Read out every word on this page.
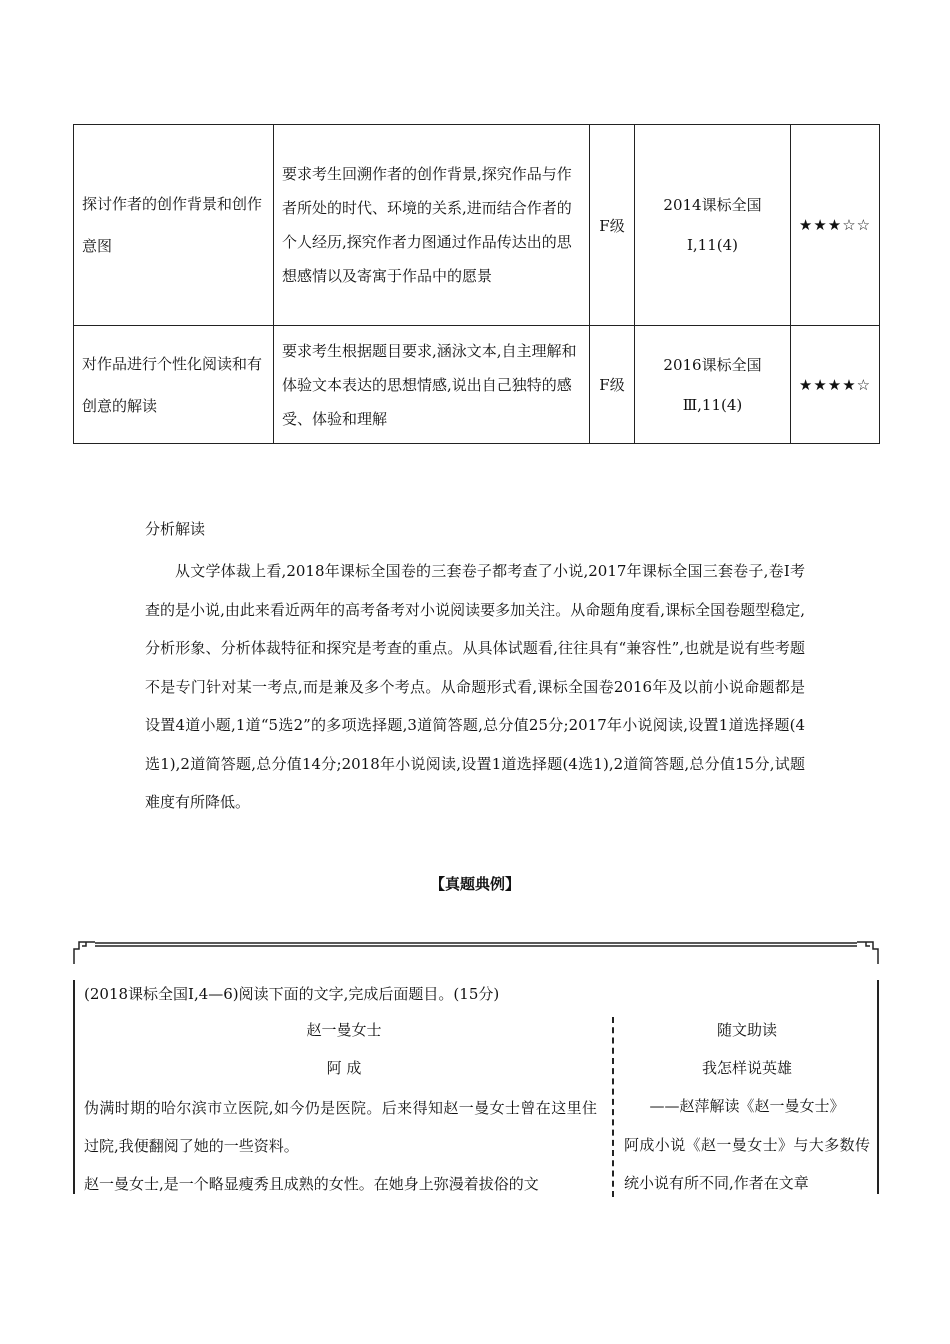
探讨作者的创作背景和创作意图	要求考生回溯作者的创作背景,探究作品与作者所处的时代、环境的关系,进而结合作者的个人经历,探究作者力图通过作品传达出的思想感情以及寄寓于作品中的愿景	F级	2014课标全国Ⅰ,11(4)	★★★☆☆
对作品进行个性化阅读和有创意的解读	要求考生根据题目要求,涵泳文本,自主理解和体验文本表达的思想情感,说出自己独特的感受、体验和理解	F级	2016课标全国Ⅲ,11(4)	★★★★☆
分析解读
从文学体裁上看,2018年课标全国卷的三套卷子都考查了小说,2017年课标全国三套卷子,卷Ⅰ考查的是小说,由此来看近两年的高考备考对小说阅读要多加关注。从命题角度看,课标全国卷题型稳定,分析形象、分析体裁特征和探究是考查的重点。从具体试题看,往往具有“兼容性”,也就是说有些考题不是专门针对某一考点,而是兼及多个考点。从命题形式看,课标全国卷2016年及以前小说命题都是设置4道小题,1道“5选2”的多项选择题,3道简答题,总分值25分;2017年小说阅读,设置1道选择题(4选1),2道简答题,总分值14分;2018年小说阅读,设置1道选择题(4选1),2道简答题,总分值15分,试题难度有所降低。
【真题典例】
(2018课标全国Ⅰ,4—6)阅读下面的文字,完成后面题目。(15分)
赵一曼女士
阿 成

伪满时期的哈尔滨市立医院,如今仍是医院。后来得知赵一曼女士曾在这里住过院,我便翻阅了她的一些资料。

赵一曼女士,是一个略显瘦秀且成熟的女性。在她身上弥漫着拔俗的文

随文助读
我怎样说英雄
——赵萍解读《赵一曼女士》
阿成小说《赵一曼女士》与大多数传统小说有所不同,作者在文章
